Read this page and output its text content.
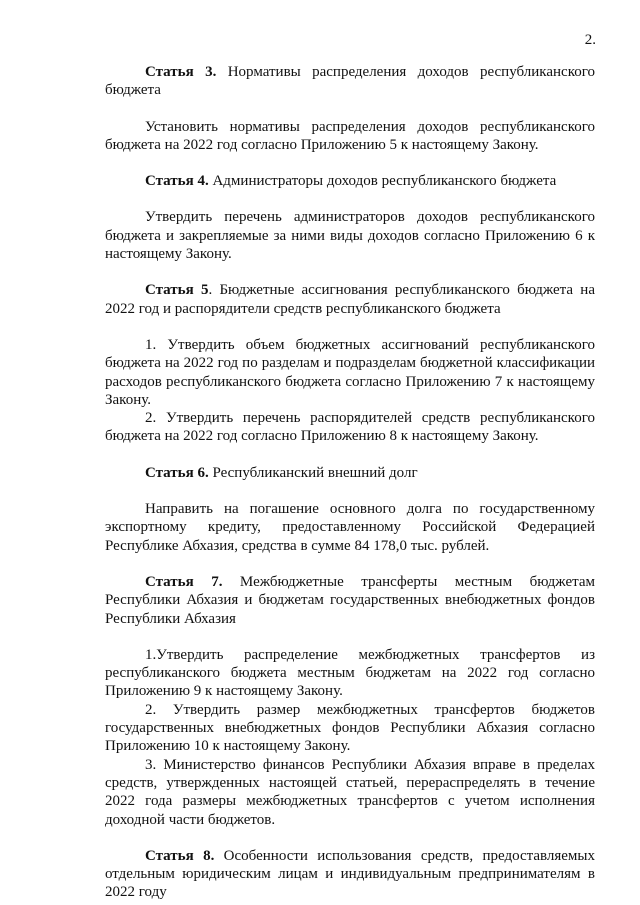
2.

Статья 3. Нормативы распределения доходов республиканского бюджета

Установить нормативы распределения доходов республиканского бюджета на 2022 год согласно Приложению 5 к настоящему Закону.

Статья 4. Администраторы доходов республиканского бюджета

Утвердить перечень администраторов доходов республиканского бюджета и закрепляемые за ними виды доходов согласно Приложению 6 к настоящему Закону.

Статья 5. Бюджетные ассигнования республиканского бюджета на 2022 год и распорядители средств республиканского бюджета

1. Утвердить объем бюджетных ассигнований республиканского бюджета на 2022 год по разделам и подразделам бюджетной классификации расходов республиканского бюджета согласно Приложению 7 к настоящему Закону.

2. Утвердить перечень распорядителей средств республиканского бюджета на 2022 год согласно Приложению 8 к настоящему Закону.

Статья 6. Республиканский внешний долг

Направить на погашение основного долга по государственному экспортному кредиту, предоставленному Российской Федерацией Республике Абхазия, средства в сумме 84 178,0 тыс. рублей.

Статья 7. Межбюджетные трансферты местным бюджетам Республики Абхазия и бюджетам государственных внебюджетных фондов Республики Абхазия

1.Утвердить распределение межбюджетных трансфертов из республиканского бюджета местным бюджетам на 2022 год согласно Приложению 9 к настоящему Закону.

2. Утвердить размер межбюджетных трансфертов бюджетов государственных внебюджетных фондов Республики Абхазия согласно Приложению 10 к настоящему Закону.

3. Министерство финансов Республики Абхазия вправе в пределах средств, утвержденных настоящей статьей, перераспределять в течение 2022 года размеры межбюджетных трансфертов с учетом исполнения доходной части бюджетов.

Статья 8. Особенности использования средств, предоставляемых отдельным юридическим лицам и индивидуальным предпринимателям в 2022 году
